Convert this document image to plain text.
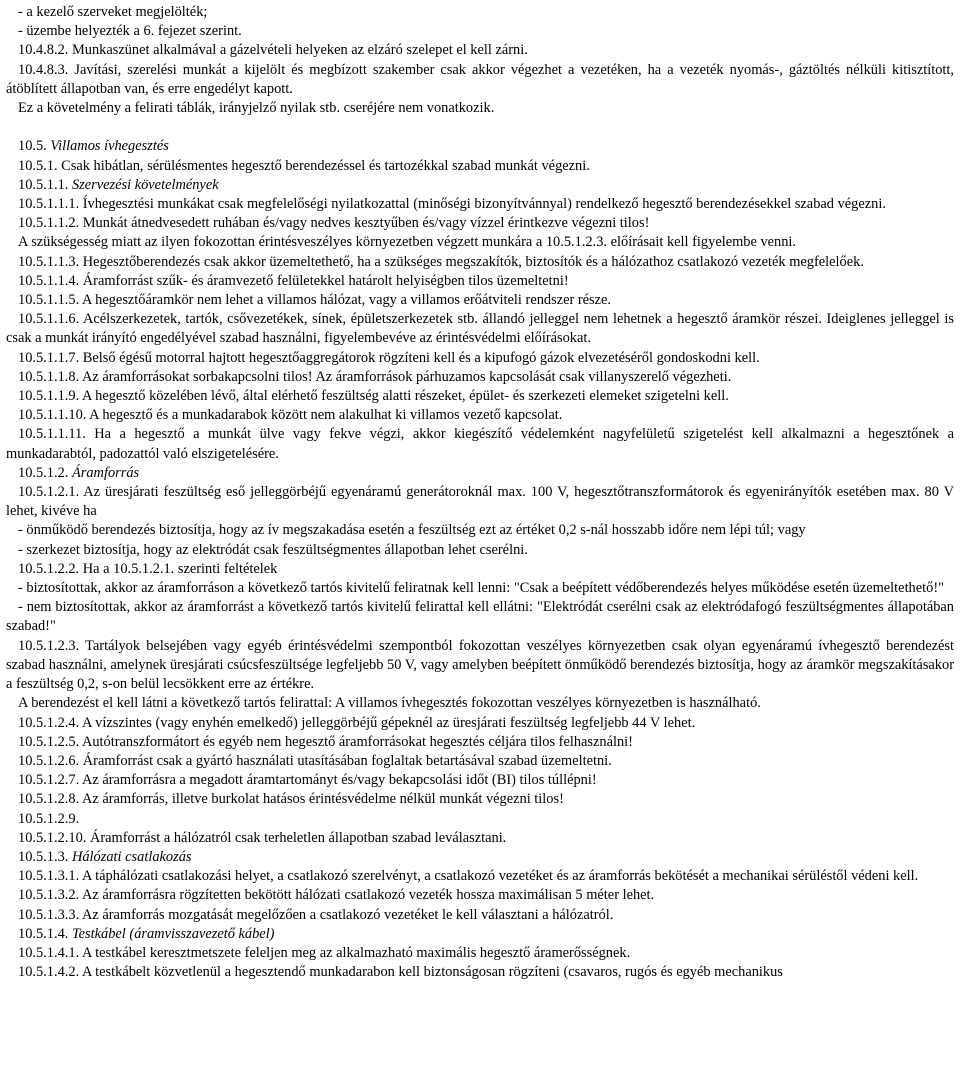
- a kezelő szerveket megjelölték;

- üzembe helyezték a 6. fejezet szerint.

10.4.8.2. Munkaszünet alkalmával a gázelvételi helyeken az elzáró szelepet el kell zárni.

10.4.8.3. Javítási, szerelési munkát a kijelölt és megbízott szakember csak akkor végezhet a vezetéken, ha a vezeték nyomás-, gáztöltés nélküli kitisztított, átöblített állapotban van, és erre engedélyt kapott.

Ez a követelmény a felirati táblák, irányjelző nyilak stb. cseréjére nem vonatkozik.

10.5. Villamos ívhegesztés

10.5.1. Csak hibátlan, sérülésmentes hegesztő berendezéssel és tartozékkal szabad munkát végezni.

10.5.1.1. Szervezési követelmények

10.5.1.1.1. Ívhegesztési munkákat csak megfelelőségi nyilatkozattal (minőségi bizonyítvánnyal) rendelkező hegesztő berendezésekkel szabad végezni.

10.5.1.1.2. Munkát átnedvesedett ruhában és/vagy nedves kesztyűben és/vagy vízzel érintkezve végezni tilos!

A szükségesség miatt az ilyen fokozottan érintésveszélyes környezetben végzett munkára a 10.5.1.2.3. előírásait kell figyelembe venni.

10.5.1.1.3. Hegesztőberendezés csak akkor üzemeltethető, ha a szükséges megszakítók, biztosítók és a hálózathoz csatlakozó vezeték megfelelőek.

10.5.1.1.4. Áramforrást szűk- és áramvezető felületekkel határolt helyiségben tilos üzemeltetni!

10.5.1.1.5. A hegesztőáramkör nem lehet a villamos hálózat, vagy a villamos erőátviteli rendszer része.

10.5.1.1.6. Acélszerkezetek, tartók, csővezetékek, sínek, épületszerkezetek stb. állandó jelleggel nem lehetnek a hegesztő áramkör részei. Ideiglenes jelleggel is csak a munkát irányító engedélyével szabad használni, figyelembevéve az érintésvédelmi előírásokat.

10.5.1.1.7. Belső égésű motorral hajtott hegesztőaggregátorok rögzíteni kell és a kipufogó gázok elvezetéséről gondoskodni kell.

10.5.1.1.8. Az áramforrásokat sorbakapcsolni tilos! Az áramforrások párhuzamos kapcsolását csak villanyszerelő végezheti.

10.5.1.1.9. A hegesztő közelében lévő, által elérhető feszültség alatti részeket, épület- és szerkezeti elemeket szigetelni kell.

10.5.1.1.10. A hegesztő és a munkadarabok között nem alakulhat ki villamos vezető kapcsolat.

10.5.1.1.11. Ha a hegesztő a munkát ülve vagy fekve végzi, akkor kiegészítő védelemként nagyfelületű szigetelést kell alkalmazni a hegesztőnek a munkadarabtól, padozattól való elszigetelésére.

10.5.1.2. Áramforrás

10.5.1.2.1. Az üresjárati feszültség eső jelleggörbéjű egyenáramú generátoroknál max. 100 V, hegesztőtranszformátorok és egyenirányítók esetében max. 80 V lehet, kivéve ha

- önműködő berendezés biztosítja, hogy az ív megszakadása esetén a feszültség ezt az értéket 0,2 s-nál hosszabb időre nem lépi túl; vagy

- szerkezet biztosítja, hogy az elektródát csak feszültségmentes állapotban lehet cserélni.

10.5.1.2.2. Ha a 10.5.1.2.1. szerinti feltételek

- biztosítottak, akkor az áramforráson a következő tartós kivitelű feliratnak kell lenni: "Csak a beépített védőberendezés helyes működése esetén üzemeltethető!"

- nem biztosítottak, akkor az áramforrást a következő tartós kivitelű felirattal kell ellátni: "Elektródát cserélni csak az elektródafogó feszültségmentes állapotában szabad!"

10.5.1.2.3. Tartályok belsejében vagy egyéb érintésvédelmi szempontból fokozottan veszélyes környezetben csak olyan egyenáramú ívhegesztő berendezést szabad használni, amelynek üresjárati csúcsfeszültsége legfeljebb 50 V, vagy amelyben beépített önműködő berendezés biztosítja, hogy az áramkör megszakításakor a feszültség 0,2, s-on belül lecsökkent erre az értékre.

A berendezést el kell látni a következő tartós felirattal: A villamos ívhegesztés fokozottan veszélyes környezetben is használható.

10.5.1.2.4. A vízszintes (vagy enyhén emelkedő) jelleggörbéjű gépeknél az üresjárati feszültség legfeljebb 44 V lehet.

10.5.1.2.5. Autótranszformátort és egyéb nem hegesztő áramforrásokat hegesztés céljára tilos felhasználni!

10.5.1.2.6. Áramforrást csak a gyártó használati utasításában foglaltak betartásával szabad üzemeltetni.

10.5.1.2.7. Az áramforrásra a megadott áramtartományt és/vagy bekapcsolási időt (BI) tilos túllépni!

10.5.1.2.8. Az áramforrás, illetve burkolat hatásos érintésvédelme nélkül munkát végezni tilos!

10.5.1.2.9.

10.5.1.2.10. Áramforrást a hálózatról csak terheletlen állapotban szabad leválasztani.

10.5.1.3. Hálózati csatlakozás

10.5.1.3.1. A táphálózati csatlakozási helyet, a csatlakozó szerelvényt, a csatlakozó vezetéket és az áramforrás bekötését a mechanikai sérüléstől védeni kell.

10.5.1.3.2. Az áramforrásra rögzítetten bekötött hálózati csatlakozó vezeték hossza maximálisan 5 méter lehet.

10.5.1.3.3. Az áramforrás mozgatását megelőzően a csatlakozó vezetéket le kell választani a hálózatról.

10.5.1.4. Testkábel (áramvisszavezető kábel)

10.5.1.4.1. A testkábel keresztmetszete feleljen meg az alkalmazható maximális hegesztő áramerősségnek.

10.5.1.4.2. A testkábelt közvetlenül a hegesztendő munkadarabon kell biztonságosan rögzíteni (csavaros, rugós és egyéb mechanikus
